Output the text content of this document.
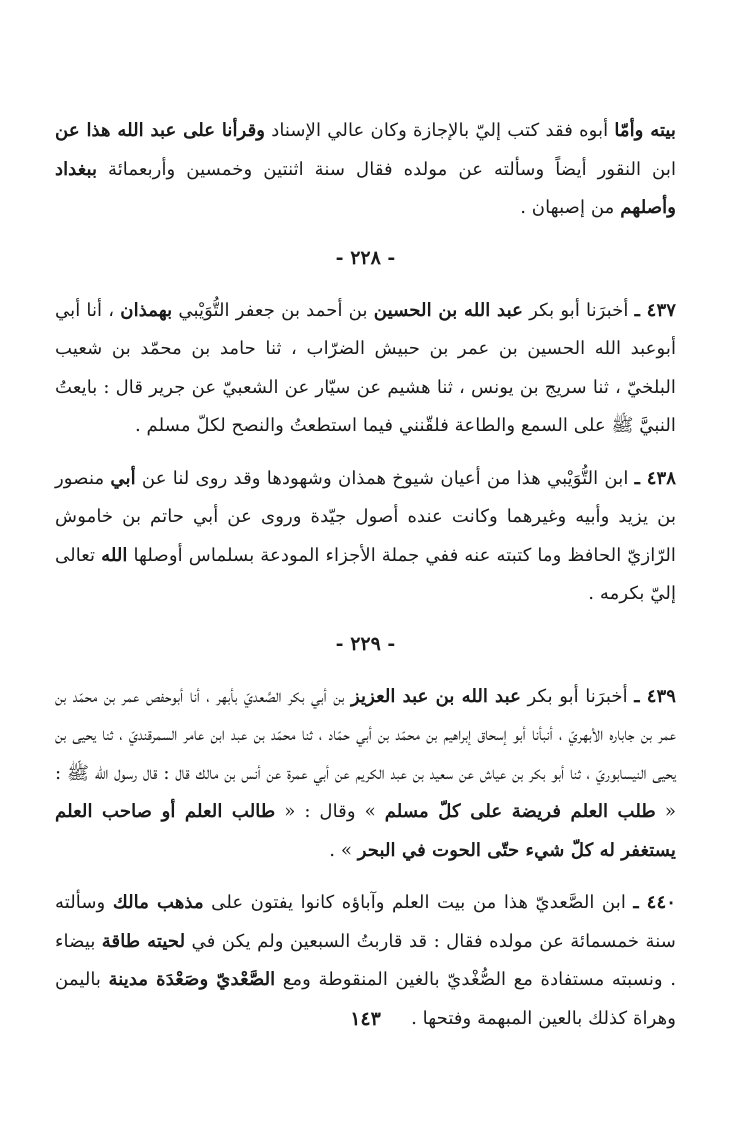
بيته وأمّا أبوه فقد كتب إليّ بالإجازة وكان عالي الإسناد وقرأنا على عبد الله هذا عن ابن النقور أيضاً وسألته عن مولده فقال سنة اثنتين وخمسين وأربعمائة ببغداد وأصلهم من إصبهان .

- ٢٢٨ -

٤٣٧ ـ أخبرَنا أبو بكر عبد الله بن الحسين بن أحمد بن جعفر التُّوَيْبي بهمذان ، أنا أبي أبوعبد الله الحسين بن عمر بن حبيش الضرّاب ، ثنا حامد بن محمّد بن شعيب البلخيّ ، ثنا سريج بن يونس ، ثنا هشيم عن سيّار عن الشعبيّ عن جرير قال : بايعتُ النبيَّ ﷺ على السمع والطاعة فلقّنني فيما استطعتُ والنصح لكلّ مسلم .

٤٣٨ ـ ابن التُّوَيْبي هذا من أعيان شيوخ همذان وشهودها وقد روى لنا عن أبي منصور بن يزيد وأبيه وغيرهما وكانت عنده أصول جيّدة وروى عن أبي حاتم بن خاموش الرّازيّ الحافظ وما كتبته عنه ففي جملة الأجزاء المودعة بسلماس أوصلها الله تعالى إليّ بكرمه .

- ٢٢٩ -

٤٣٩ ـ أخبرَنا أبو بكر عبد الله بن عبد العزيز بن أبي بكر الصَّعديّ بأبهر ، أنا أبوحفص عمر بن محمّد بن عمر بن جاباره الأبهريّ ، أنبأنا أبو إسحاق إبراهيم بن محمّد بن أبي حمّاد ، ثنا محمّد بن عبد ابن عامر السمرقنديّ ، ثنا يحيى بن يحيى النيسابوريّ ، ثنا أبو بكر بن عياش عن سعيد بن عبد الكريم عن أبي عمرة عن أنس بن مالك قال : قال رسول الله ﷺ : « طلب العلم فريضة على كلّ مسلم » وقال : « طالب العلم أو صاحب العلم يستغفر له كلّ شيء حتّى الحوت في البحر » .

٤٤٠ ـ ابن الصَّعديّ هذا من بيت العلم وآباؤه كانوا يفتون على مذهب مالك وسألته سنة خمسمائة عن مولده فقال : قد قاربتُ السبعين ولم يكن في لحيته طاقة بيضاء . ونسبته مستفادة مع الصُّغْديّ بالغين المنقوطة ومع الصَّعْديّ وصَعْدَة مدينة باليمن وهراة كذلك بالعين المبهمة وفتحها .

١٤٣
